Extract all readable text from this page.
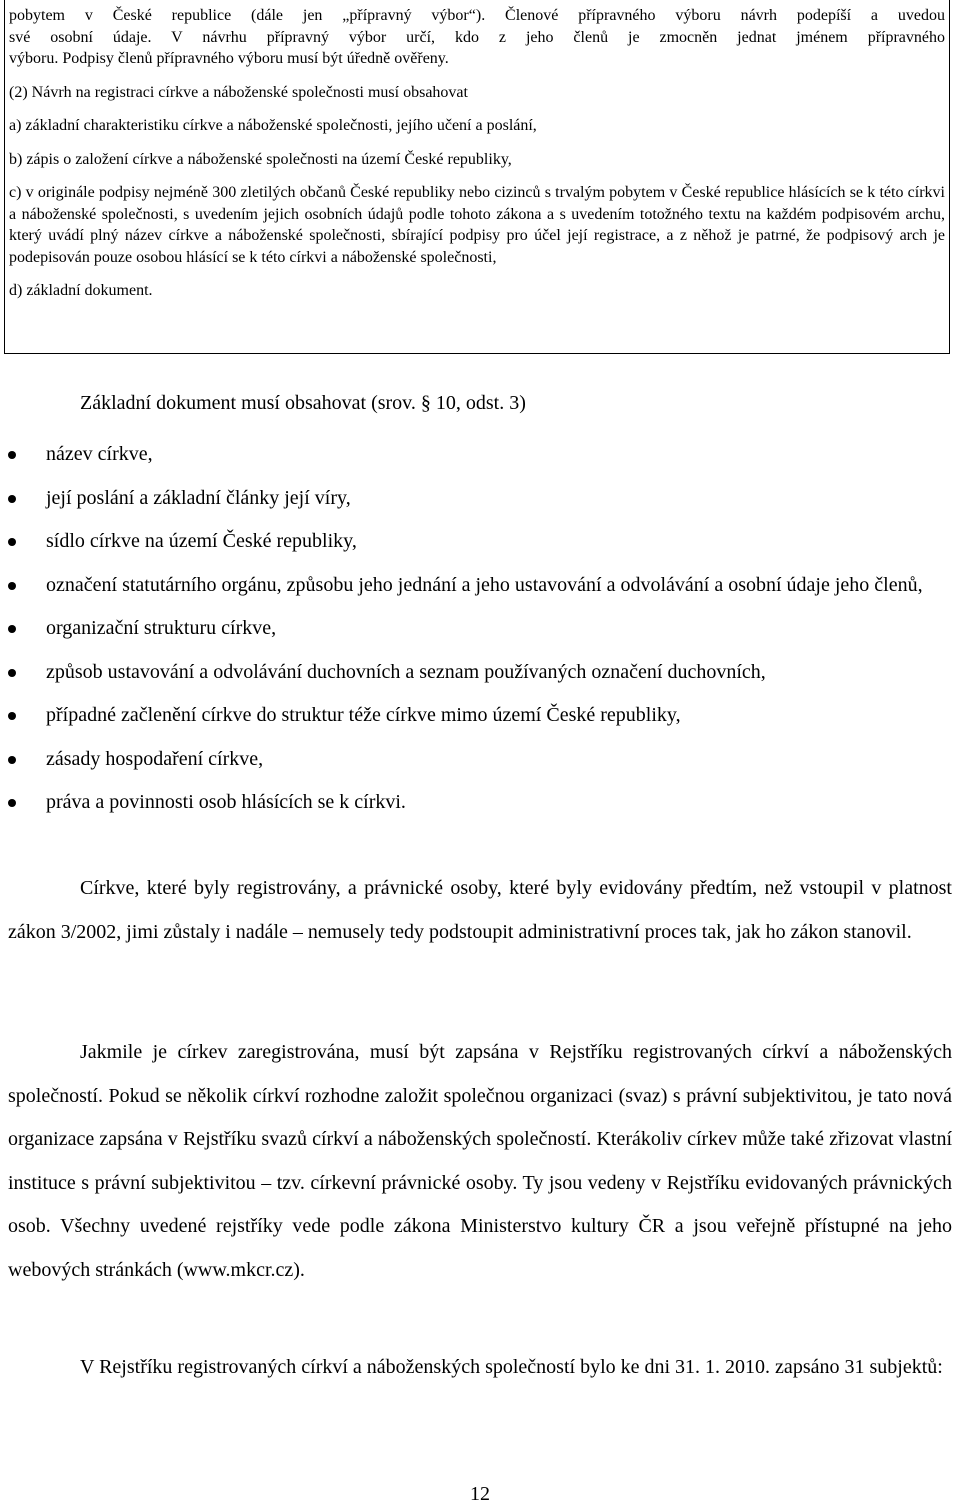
pobytem v České republice (dále jen „přípravný výbor“). Členové přípravného výboru návrh podepíší a uvedou
své osobní údaje. V návrhu přípravný výbor určí, kdo z jeho členů je zmocněn jednat jménem přípravného
výboru. Podpisy členů přípravného výboru musí být úředně ověřeny.
(2) Návrh na registraci církve a náboženské společnosti musí obsahovat
a) základní charakteristiku církve a náboženské společnosti, jejího učení a poslání,
b) zápis o založení církve a náboženské společnosti na území České republiky,
c) v originále podpisy nejméně 300 zletilých občanů České republiky nebo cizinců s trvalým pobytem v České republice hlásících se k této církvi a náboženské společnosti, s uvedením jejich osobních údajů podle tohoto zákona a s uvedením totožného textu na každém podpisovém archu, který uvádí plný název církve a náboženské společnosti, sbírající podpisy pro účel její registrace, a z něhož je patrné, že podpisový arch je podepisován pouze osobou hlásící se k této církvi a náboženské společnosti,
d) základní dokument.
Základní dokument musí obsahovat (srov. § 10, odst. 3)
název církve,
její poslání a základní články její víry,
sídlo církve na území České republiky,
označení statutárního orgánu, způsobu jeho jednání a jeho ustavování a odvolávání a osobní údaje jeho členů,
organizační strukturu církve,
způsob ustavování a odvolávání duchovních a seznam používaných označení duchovních,
případné začlenění církve do struktur téže církve mimo území České republiky,
zásady hospodaření církve,
práva a povinnosti osob hlásících se k církvi.

Církve, které byly registrovány, a právnické osoby, které byly evidovány předtím, než vstoupil v platnost zákon 3/2002, jimi zůstaly i nadále – nemusely tedy podstoupit administrativní proces tak, jak ho zákon stanovil.

Jakmile je církev zaregistrována, musí být zapsána v Rejstříku registrovaných církví a náboženských společností. Pokud se několik církví rozhodne založit společnou organizaci (svaz) s právní subjektivitou, je tato nová organizace zapsána v Rejstříku svazů církví a náboženských společností. Kterákoliv církev může také zřizovat vlastní instituce s právní subjektivitou – tzv. církevní právnické osoby. Ty jsou vedeny v Rejstříku evidovaných právnických osob. Všechny uvedené rejstříky vede podle zákona Ministerstvo kultury ČR a jsou veřejně přístupné na jeho webových stránkách (www.mkcr.cz).

V Rejstříku registrovaných církví a náboženských společností bylo ke dni 31. 1. 2010. zapsáno 31 subjektů:

12
